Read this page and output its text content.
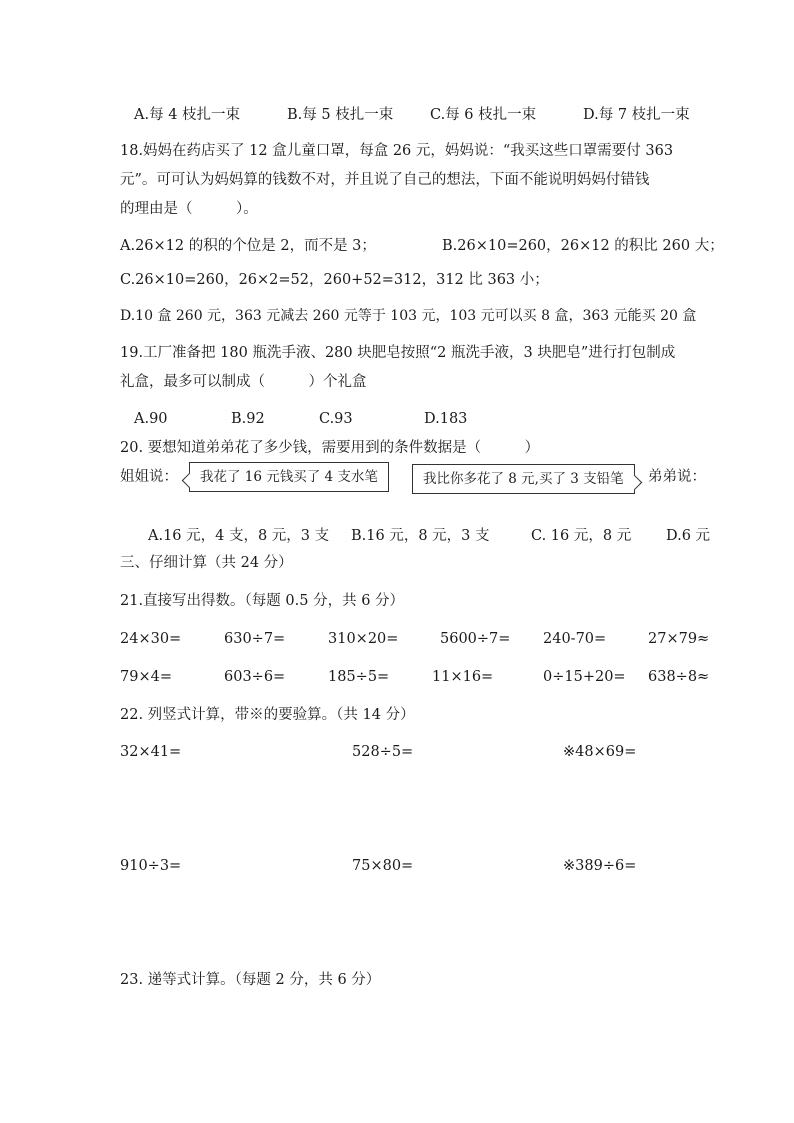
A.每 4 枝扎一束	B.每 5 枝扎一束	C.每 6 枝扎一束	D.每 7 枝扎一束
18.妈妈在药店买了 12 盒儿童口罩，每盒 26 元，妈妈说：“我买这些口罩需要付 363
元”。可可认为妈妈算的钱数不对，并且说了自己的想法，下面不能说明妈妈付错钱
的理由是（　　　）。
A.26×12 的积的个位是 2，而不是 3；	B.26×10=260，26×12 的积比 260 大；
C.26×10=260，26×2=52，260+52=312，312 比 363 小；
D.10 盒 260 元，363 元减去 260 元等于 103 元，103 元可以买 8 盒，363 元能买 20 盒
19.工厂准备把 180 瓶洗手液、280 块肥皂按照“2 瓶洗手液，3 块肥皂”进行打包制成
礼盒，最多可以制成（　　　）个礼盒
A.90	B.92	C.93	D.183
20. 要想知道弟弟花了多少钱，需要用到的条件数据是（　　　）
姐姐说：	我花了 16 元钱买了 4 支水笔	我比你多花了 8 元,买了 3 支铅笔	弟弟说：
A.16 元，4 支，8 元，3 支 B.16 元，8 元，3 支	C. 16 元，8 元 D.6 元
三、仔细计算（共 24 分）
21.直接写出得数。（每题 0.5 分，共 6 分）
24×30=	630÷7=	310×20=	5600÷7= 240-70=	27×79≈
79×4=	603÷6=	185÷5=	11×16=	0÷15+20= 638÷8≈
22. 列竖式计算，带※的要验算。（共 14 分）
32×41=	528÷5=	※48×69=
910÷3=	75×80=	※389÷6=
23. 递等式计算。（每题 2 分，共 6 分）
